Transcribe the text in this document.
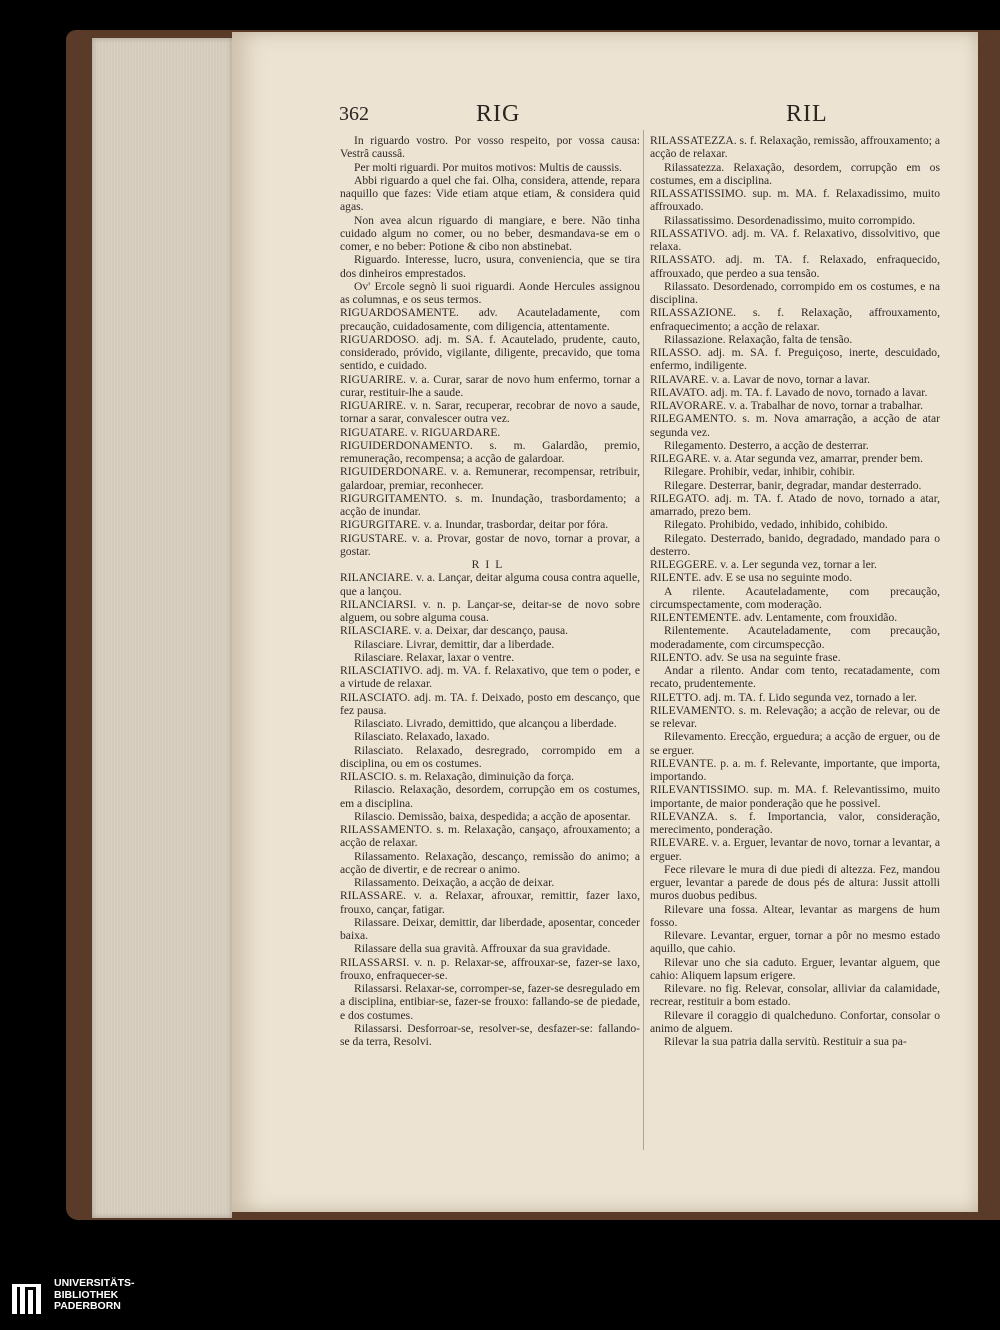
362	RIG	RIL

In riguardo vostro. Por vosso respeito, por vossa causa: Vestrâ caussâ.

Per molti riguardi. Por muitos motivos: Multis de caussis.

Abbi riguardo a quel che fai. Olha, considera, attende, repara naquillo que fazes: Vide etiam atque etiam, & considera quid agas.

Non avea alcun riguardo di mangiare, e bere. Não tinha cuidado algum no comer, ou no beber, desmandava-se em o comer, e no beber: Potione & cibo non abstinebat.

Riguardo. Interesse, lucro, usura, conveniencia, que se tira dos dinheiros emprestados.

Ov' Ercole segnò li suoi riguardi. Aonde Hercules assignou as columnas, e os seus termos.

RIGUARDOSAMENTE. adv. Acauteladamente, com precaução, cuidadosamente, com diligencia, attentamente.

RIGUARDOSO. adj. m. SA. f. Acautelado, prudente, cauto, considerado, próvido, vigilante, diligente, precavido, que toma sentido, e cuidado.

RIGUARIRE. v. a. Curar, sarar de novo hum enfermo, tornar a curar, restituir-lhe a saude.

RIGUARIRE. v. n. Sarar, recuperar, recobrar de novo a saude, tornar a sarar, convalescer outra vez.

RIGUATARE. v. RIGUARDARE.

RIGUIDERDONAMENTO. s. m. Galardão, premio, remuneração, recompensa; a acção de galardoar.

RIGUIDERDONARE. v. a. Remunerar, recompensar, retribuir, galardoar, premiar, reconhecer.

RIGURGITAMENTO. s. m. Inundação, trasbordamento; a acção de inundar.

RIGURGITARE. v. a. Inundar, trasbordar, deitar por fóra.

RIGUSTARE. v. a. Provar, gostar de novo, tornar a provar, a gostar.

RIL

RILANCIARE. v. a. Lançar, deitar alguma cousa contra aquelle, que a lançou.

RILANCIARSI. v. n. p. Lançar-se, deitar-se de novo sobre alguem, ou sobre alguma cousa.

RILASCIARE. v. a. Deixar, dar descanço, pausa.

Rilasciare. Livrar, demittir, dar a liberdade.

Rilasciare. Relaxar, laxar o ventre.

RILASCIATIVO. adj. m. VA. f. Relaxativo, que tem o poder, e a virtude de relaxar.

RILASCIATO. adj. m. TA. f. Deixado, posto em descanço, que fez pausa.

Rilasciato. Livrado, demittido, que alcançou a liberdade.

Rilasciato. Relaxado, laxado.

Rilasciato. Relaxado, desregrado, corrompido em a disciplina, ou em os costumes.

RILASCIO. s. m. Relaxação, diminuição da força.

Rilascio. Relaxação, desordem, corrupção em os costumes, em a disciplina.

Rilascio. Demissão, baixa, despedida; a acção de aposentar.

RILASSAMENTO. s. m. Relaxação, canşaço, afrouxamento; a acção de relaxar.

Rilassamento. Relaxação, descanço, remissão do animo; a acção de divertir, e de recrear o animo.

Rilassamento. Deixação, a acção de deixar.

RILASSARE. v. a. Relaxar, afrouxar, remittir, fazer laxo, frouxo, cançar, fatigar.

Rilassare. Deixar, demittir, dar liberdade, aposentar, conceder baixa.

Rilassare della sua gravità. Affrouxar da sua gravidade.

RILASSARSI. v. n. p. Relaxar-se, affrouxar-se, fazer-se laxo, frouxo, enfraquecer-se.

Rilassarsi. Relaxar-se, corromper-se, fazer-se desregulado em a disciplina, entibiar-se, fazer-se frouxo: fallando-se de piedade, e dos costumes.

Rilassarsi. Desforroar-se, resolver-se, desfazer-se: fallando-se da terra, Resolvi.

RILASSATEZZA. s. f. Relaxação, remissão, affrouxamento; a acção de relaxar.

Rilassatezza. Relaxação, desordem, corrupção em os costumes, em a disciplina.

RILASSATISSIMO. sup. m. MA. f. Relaxadissimo, muito affrouxado.

Rilassatissimo. Desordenadissimo, muito corrompido.

RILASSATIVO. adj. m. VA. f. Relaxativo, dissolvitivo, que relaxa.

RILASSATO. adj. m. TA. f. Relaxado, enfraquecido, affrouxado, que perdeo a sua tensão.

Rilassato. Desordenado, corrompido em os costumes, e na disciplina.

RILASSAZIONE. s. f. Relaxação, affrouxamento, enfraquecimento; a acção de relaxar.

Rilassazione. Relaxação, falta de tensão.

RILASSO. adj. m. SA. f. Preguiçoso, inerte, descuidado, enfermo, indiligente.

RILAVARE. v. a. Lavar de novo, tornar a lavar.

RILAVATO. adj. m. TA. f. Lavado de novo, tornado a lavar.

RILAVORARE. v. a. Trabalhar de novo, tornar a trabalhar.

RILEGAMENTO. s. m. Nova amarração, a acção de atar segunda vez.

Rilegamento. Desterro, a acção de desterrar.

RILEGARE. v. a. Atar segunda vez, amarrar, prender bem.

Rilegare. Prohibir, vedar, inhibir, cohibir.

Rilegare. Desterrar, banir, degradar, mandar desterrado.

RILEGATO. adj. m. TA. f. Atado de novo, tornado a atar, amarrado, prezo bem.

Rilegato. Prohibido, vedado, inhibido, cohibido.

Rilegato. Desterrado, banido, degradado, mandado para o desterro.

RILEGGERE. v. a. Ler segunda vez, tornar a ler.

RILENTE. adv. E se usa no seguinte modo.

A rilente. Acauteladamente, com precaução, circumspectamente, com moderação.

RILENTEMENTE. adv. Lentamente, com frouxidão.

Rilentemente. Acauteladamente, com precaução, moderadamente, com circumspecção.

RILENTO. adv. Se usa na seguinte frase.

Andar a rilento. Andar com tento, recatadamente, com recato, prudentemente.

RILETTO. adj. m. TA. f. Lido segunda vez, tornado a ler.

RILEVAMENTO. s. m. Relevação; a acção de relevar, ou de se relevar.

Rilevamento. Erecção, erguedura; a acção de erguer, ou de se erguer.

RILEVANTE. p. a. m. f. Relevante, importante, que importa, importando.

RILEVANTISSIMO. sup. m. MA. f. Relevantissimo, muito importante, de maior ponderação que he possivel.

RILEVANZA. s. f. Importancia, valor, consideração, merecimento, ponderação.

RILEVARE. v. a. Erguer, levantar de novo, tornar a levantar, a erguer.

Fece rilevare le mura di due piedi di altezza. Fez, mandou erguer, levantar a parede de dous pés de altura: Jussit attolli muros duobus pedibus.

Rilevare una fossa. Altear, levantar as margens de hum fosso.

Rilevare. Levantar, erguer, tornar a pôr no mesmo estado aquillo, que cahio.

Rilevar uno che sia caduto. Erguer, levantar alguem, que cahio: Aliquem lapsum erigere.

Rilevare. no fig. Relevar, consolar, alliviar da calamidade, recrear, restituir a bom estado.

Rilevare il coraggio di qualcheduno. Confortar, consolar o animo de alguem.

Rilevar la sua patria dalla servitù. Restituir a sua pa-

UNIVERSITÄTS-
BIBLIOTHEK
PADERBORN
